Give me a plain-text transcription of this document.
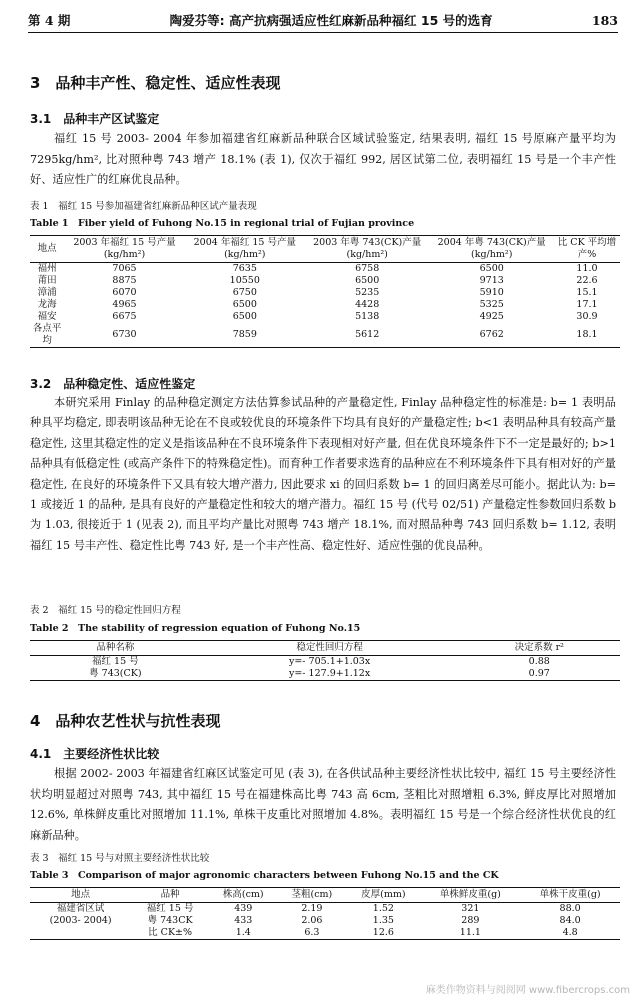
第 4 期	陶爱芬等: 高产抗病强适应性红麻新品种福红 15 号的选育	183
3　品种丰产性、稳定性、适应性表现
3.1　品种丰产区试鉴定

福红 15 号 2003- 2004 年参加福建省红麻新品种联合区域试验鉴定, 结果表明, 福红 15 号原麻产量平均为 7295kg/hm², 比对照种粤 743 增产 18.1% (表 1), 仅次于福红 992, 居区试第二位, 表明福红 15 号是一个丰产性好、适应性广的红麻优良品种。

表 1　福红 15 号参加福建省红麻新品种区试产量表现

Table 1　Fiber yield of Fuhong No.15 in regional trial of Fujian province

地点	2003 年福红 15 号产量(kg/hm²)	2004 年福红 15 号产量(kg/hm²)	2003 年粤 743(CK)产量(kg/hm²)	2004 年粤 743(CK)产量(kg/hm²)	比 CK 平均增产%
福州	7065	7635	6758	6500	11.0
莆田	8875	10550	6500	9713	22.6
漳浦	6070	6750	5235	5910	15.1
龙海	4965	6500	4428	5325	17.1
福安	6675	6500	5138	4925	30.9
各点平均	6730	7859	5612	6762	18.1
3.2　品种稳定性、适应性鉴定

本研究采用 Finlay 的品种稳定测定方法估算参试品种的产量稳定性, Finlay 品种稳定性的标准是: b= 1 表明品种具平均稳定, 即表明该品种无论在不良或较优良的环境条件下均具有良好的产量稳定性; b<1 表明品种具有较高产量稳定性, 这里其稳定性的定义是指该品种在不良环境条件下表现相对好产量, 但在优良环境条件下不一定是最好的; b>1 品种具有低稳定性 (或高产条件下的特殊稳定性)。而育种工作者要求选育的品种应在不利环境条件下具有相对好的产量稳定性, 在良好的环境条件下又具有较大增产潜力, 因此要求 xi 的回归系数 b= 1 的回归离差尽可能小。据此认为: b= 1 或接近 1 的品种, 是具有良好的产量稳定性和较大的增产潜力。福红 15 号 (代号 02/51) 产量稳定性参数回归系数 b 为 1.03, 很接近于 1 (见表 2), 而且平均产量比对照粤 743 增产 18.1%, 而对照品种粤 743 回归系数 b= 1.12, 表明福红 15 号丰产性、稳定性比粤 743 好, 是一个丰产性高、稳定性好、适应性强的优良品种。

表 2　福红 15 号的稳定性回归方程

Table 2　The stability of regression equation of Fuhong No.15

品种名称	稳定性回归方程	决定系数 r²
福红 15 号	y=- 705.1+1.03x	0.88
粤 743(CK)	y=- 127.9+1.12x	0.97
4　品种农艺性状与抗性表现
4.1　主要经济性状比较

根据 2002- 2003 年福建省红麻区试鉴定可见 (表 3), 在各供试品种主要经济性状比较中, 福红 15 号主要经济性状均明显超过对照粤 743, 其中福红 15 号在福建株高比粤 743 高 6cm, 茎粗比对照增粗 6.3%, 鲜皮厚比对照增加 12.6%, 单株鲜皮重比对照增加 11.1%, 单株干皮重比对照增加 4.8%。表明福红 15 号是一个综合经济性状优良的红麻新品种。

表 3　福红 15 号与对照主要经济性状比较

Table 3　Comparison of major agronomic characters between Fuhong No.15 and the CK

地点	品种	株高(cm)	茎粗(cm)	皮厚(mm)	单株鲜皮重(g)	单株干皮重(g)
福建省区试	福红 15 号	439	2.19	1.52	321	88.0
(2003- 2004)	粤 743CK	433	2.06	1.35	289	84.0
	比 CK±%	1.4	6.3	12.6	11.1	4.8
麻类作物资料与阅阅网 www.fibercrops.com
